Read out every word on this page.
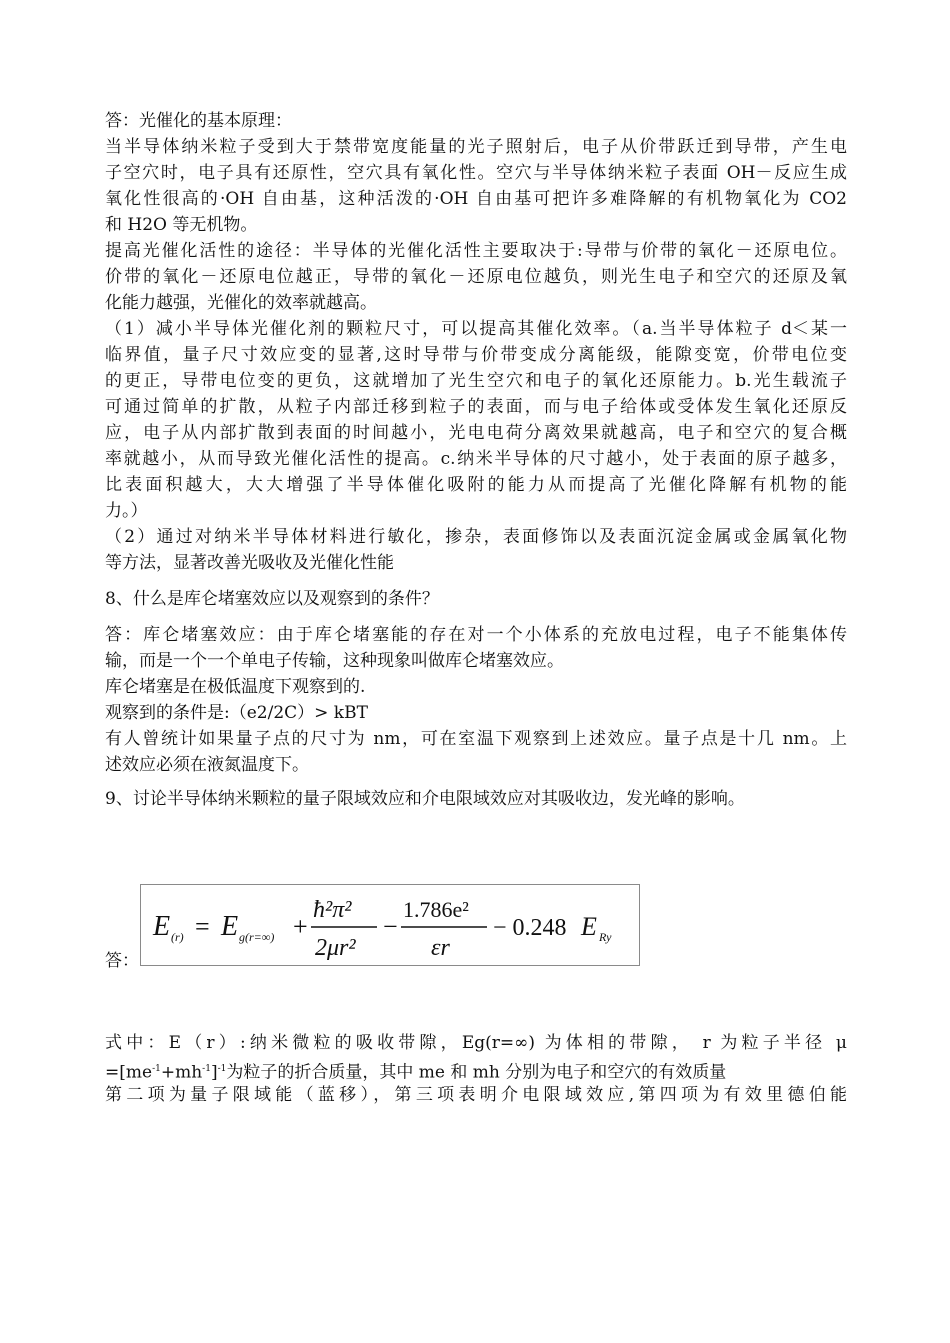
答：光催化的基本原理：
当半导体纳米粒子受到大于禁带宽度能量的光子照射后，电子从价带跃迁到导带，产生电
子空穴时，电子具有还原性，空穴具有氧化性。空穴与半导体纳米粒子表面 OH－反应生成
氧化性很高的·OH 自由基，这种活泼的·OH 自由基可把许多难降解的有机物氧化为 CO2
和 H2O 等无机物。
提高光催化活性的途径：半导体的光催化活性主要取决于:导带与价带的氧化－还原电位。
价带的氧化－还原电位越正，导带的氧化－还原电位越负，则光生电子和空穴的还原及氧
化能力越强，光催化的效率就越高。
（1）减小半导体光催化剂的颗粒尺寸，可以提高其催化效率。（a.当半导体粒子 d＜某一
临界值，量子尺寸效应变的显著,这时导带与价带变成分离能级，能隙变宽，价带电位变
的更正，导带电位变的更负，这就增加了光生空穴和电子的氧化还原能力。b.光生载流子
可通过简单的扩散，从粒子内部迁移到粒子的表面，而与电子给体或受体发生氧化还原反
应，电子从内部扩散到表面的时间越小，光电电荷分离效果就越高，电子和空穴的复合概
率就越小，从而导致光催化活性的提高。c.纳米半导体的尺寸越小，处于表面的原子越多，
比表面积越大，大大增强了半导体催化吸附的能力从而提高了光催化降解有机物的能
力。）
（2）通过对纳米半导体材料进行敏化，掺杂，表面修饰以及表面沉淀金属或金属氧化物
等方法，显著改善光吸收及光催化性能
8、什么是库仑堵塞效应以及观察到的条件？
答：库仑堵塞效应：由于库仑堵塞能的存在对一个小体系的充放电过程，电子不能集体传
输，而是一个一个单电子传输，这种现象叫做库仑堵塞效应。
库仑堵塞是在极低温度下观察到的.
观察到的条件是:（e2/2C）> kBT
有人曾统计如果量子点的尺寸为 nm，可在室温下观察到上述效应。量子点是十几 nm。上
述效应必须在液氮温度下。
9、讨论半导体纳米颗粒的量子限域效应和介电限域效应对其吸收边，发光峰的影响。
答：
E (r) = E g(r=∞) +
ħ²π²
2μr²
−
1.786e²
εr
− 0.248 E Ry
式中：E（r）:纳米微粒的吸收带隙，Eg(r=∞) 为体相的带隙， r 为粒子半径 μ
$=[me^{-1}+mh^{-1}]^{-1}$为粒子的折合质量，其中 me 和 mh 分别为电子和空穴的有效质量
第二项为量子限域能（蓝移），第三项表明介电限域效应,第四项为有效里德伯能
